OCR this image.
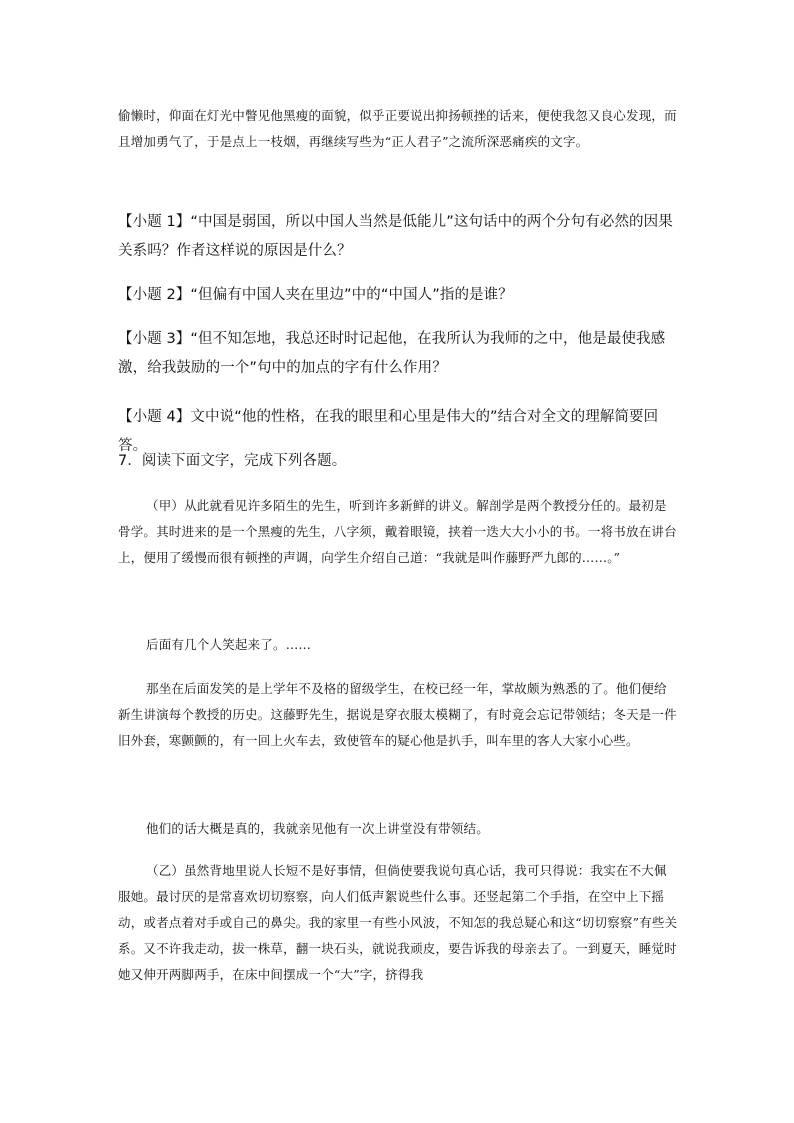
偷懒时，仰面在灯光中瞥见他黑瘦的面貌，似乎正要说出抑扬顿挫的话来，便使我忽又良心发现，而且增加勇气了，于是点上一枝烟，再继续写些为“正人君子”之流所深恶痛疾的文字。

【小题 1】“中国是弱国，所以中国人当然是低能儿”这句话中的两个分句有必然的因果关系吗？作者这样说的原因是什么？

【小题 2】“但偏有中国人夹在里边”中的“中国人”指的是谁？

【小题 3】“但不知怎地，我总还时时记起他，在我所认为我师的之中，他是最使我感激，给我鼓励的一个”句中的加点的字有什么作用？

【小题 4】文中说“他的性格，在我的眼里和心里是伟大的”结合对全文的理解简要回答。

7．阅读下面文字，完成下列各题。

（甲）从此就看见许多陌生的先生，听到许多新鲜的讲义。解剖学是两个教授分任的。最初是骨学。其时进来的是一个黑瘦的先生，八字须，戴着眼镜，挟着一迭大大小小的书。一将书放在讲台上，便用了缓慢而很有顿挫的声调，向学生介绍自己道：“我就是叫作藤野严九郎的……。”

后面有几个人笑起来了。……

那坐在后面发笑的是上学年不及格的留级学生，在校已经一年，掌故颇为熟悉的了。他们便给新生讲演每个教授的历史。这藤野先生，据说是穿衣服太模糊了，有时竟会忘记带领结；冬天是一件旧外套，寒颤颤的，有一回上火车去，致使管车的疑心他是扒手，叫车里的客人大家小心些。

他们的话大概是真的，我就亲见他有一次上讲堂没有带领结。

（乙）虽然背地里说人长短不是好事情，但倘使要我说句真心话，我可只得说：我实在不大佩服她。最讨厌的是常喜欢切切察察，向人们低声絮说些什么事。还竖起第二个手指，在空中上下摇动，或者点着对手或自己的鼻尖。我的家里一有些小风波，不知怎的我总疑心和这“切切察察”有些关系。又不许我走动，拔一株草，翻一块石头，就说我顽皮，要告诉我的母亲去了。一到夏天，睡觉时她又伸开两脚两手，在床中间摆成一个“大”字，挤得我
